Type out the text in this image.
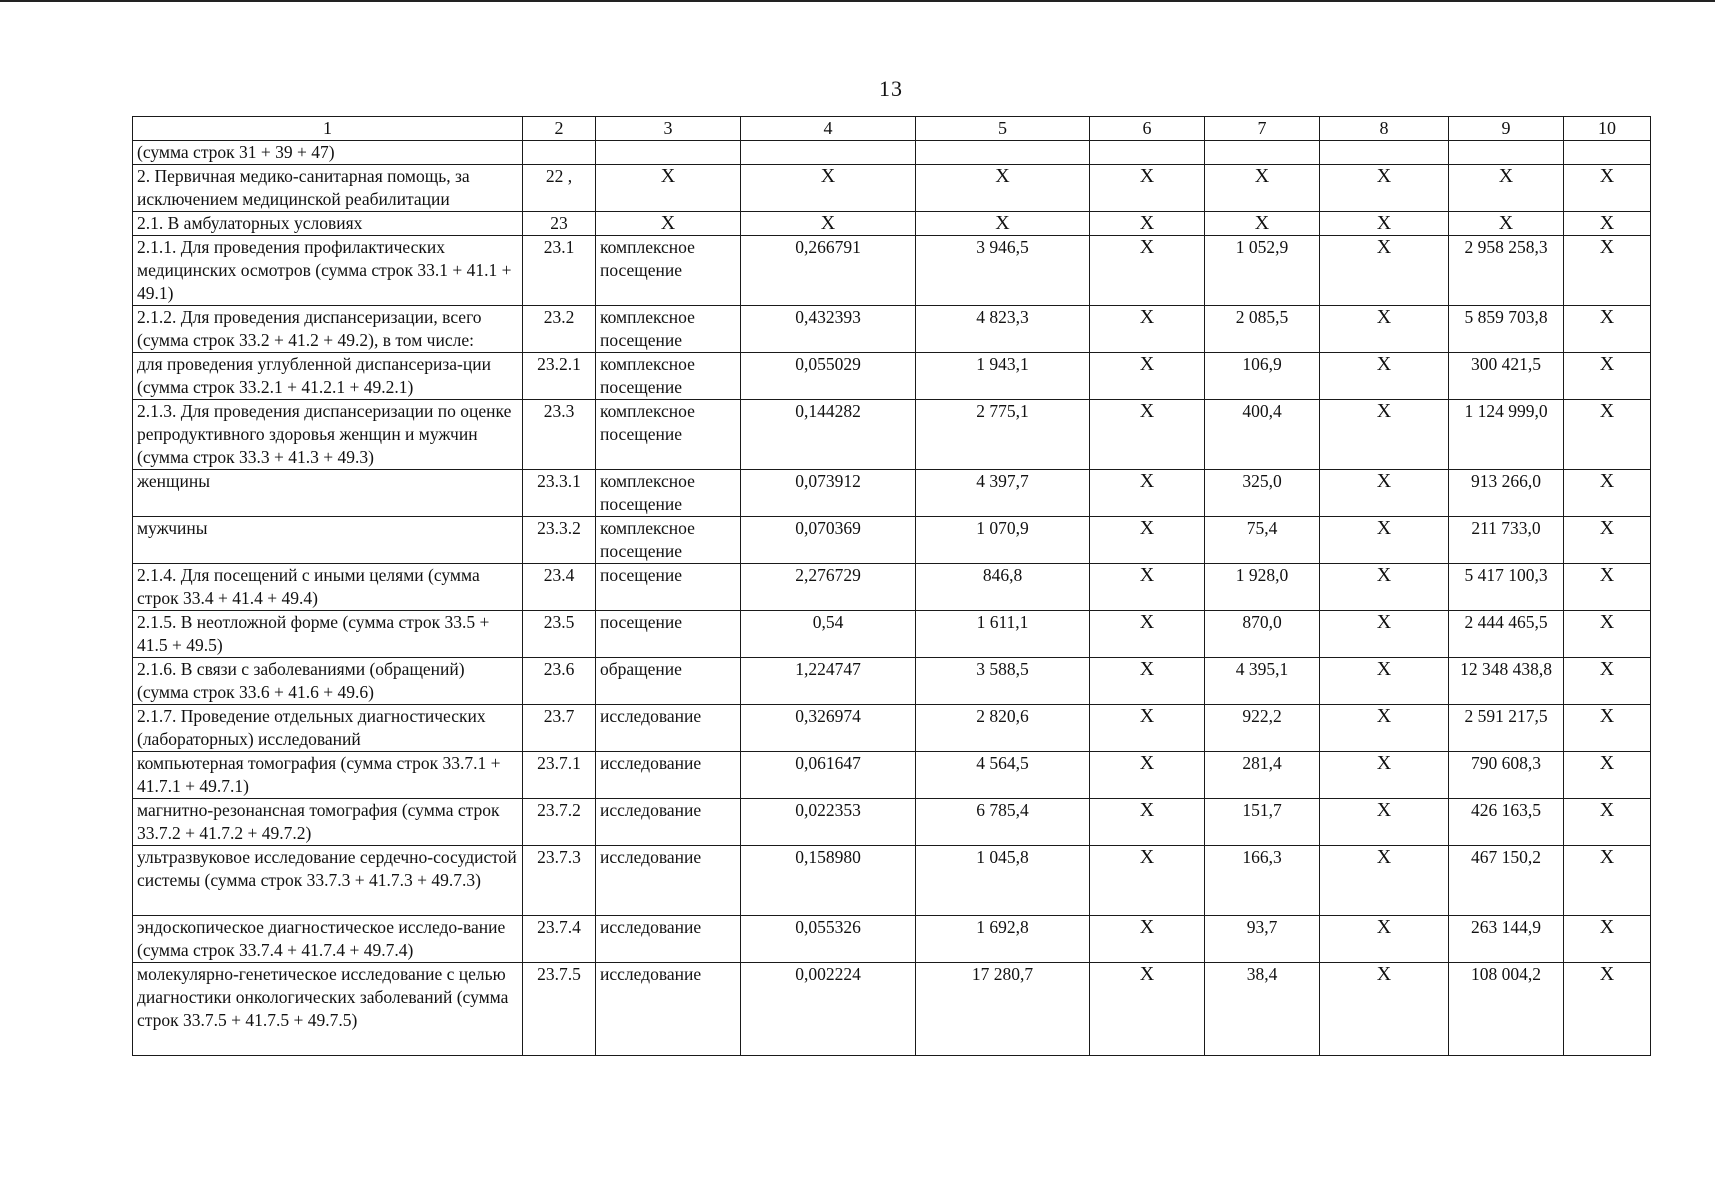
13
1	2	3	4	5	6	7	8	9	10
(сумма строк 31 + 39 + 47)									
2. Первичная медико-санитарная помощь, за исключением медицинской реабилитации	22 ,	X	X	X	X	X	X	X	X
2.1. В амбулаторных условиях	23	X	X	X	X	X	X	X	X
2.1.1. Для проведения профилактических медицинских осмотров (сумма строк 33.1 + 41.1 + 49.1)	23.1	комплексное посещение	0,266791	3 946,5	X	1 052,9	X	2 958 258,3	X
2.1.2. Для проведения диспансеризации, всего (сумма строк 33.2 + 41.2 + 49.2), в том числе:	23.2	комплексное посещение	0,432393	4 823,3	X	2 085,5	X	5 859 703,8	X
для проведения углубленной диспансериза-ции (сумма строк 33.2.1 + 41.2.1 + 49.2.1)	23.2.1	комплексное посещение	0,055029	1 943,1	X	106,9	X	300 421,5	X
2.1.3. Для проведения диспансеризации по оценке репродуктивного здоровья женщин и мужчин (сумма строк 33.3 + 41.3 + 49.3)	23.3	комплексное посещение	0,144282	2 775,1	X	400,4	X	1 124 999,0	X
женщины	23.3.1	комплексное посещение	0,073912	4 397,7	X	325,0	X	913 266,0	X
мужчины	23.3.2	комплексное посещение	0,070369	1 070,9	X	75,4	X	211 733,0	X
2.1.4. Для посещений с иными целями (сумма строк 33.4 + 41.4 + 49.4)	23.4	посещение	2,276729	846,8	X	1 928,0	X	5 417 100,3	X
2.1.5. В неотложной форме (сумма строк 33.5 + 41.5 + 49.5)	23.5	посещение	0,54	1 611,1	X	870,0	X	2 444 465,5	X
2.1.6. В связи с заболеваниями (обращений) (сумма строк 33.6 + 41.6 + 49.6)	23.6	обращение	1,224747	3 588,5	X	4 395,1	X	12 348 438,8	X
2.1.7. Проведение отдельных диагностических (лабораторных) исследований	23.7	исследование	0,326974	2 820,6	X	922,2	X	2 591 217,5	X
компьютерная томография (сумма строк 33.7.1 + 41.7.1 + 49.7.1)	23.7.1	исследование	0,061647	4 564,5	X	281,4	X	790 608,3	X
магнитно-резонансная томография (сумма строк 33.7.2 + 41.7.2 + 49.7.2)	23.7.2	исследование	0,022353	6 785,4	X	151,7	X	426 163,5	X
ультразвуковое исследование сердечно-сосудистой системы (сумма строк 33.7.3 + 41.7.3 + 49.7.3)	23.7.3	исследование	0,158980	1 045,8	X	166,3	X	467 150,2	X
эндоскопическое диагностическое исследо-вание (сумма строк 33.7.4 + 41.7.4 + 49.7.4)	23.7.4	исследование	0,055326	1 692,8	X	93,7	X	263 144,9	X
молекулярно-генетическое исследование с целью диагностики онкологических заболеваний (сумма строк 33.7.5 + 41.7.5 + 49.7.5)	23.7.5	исследование	0,002224	17 280,7	X	38,4	X	108 004,2	X
